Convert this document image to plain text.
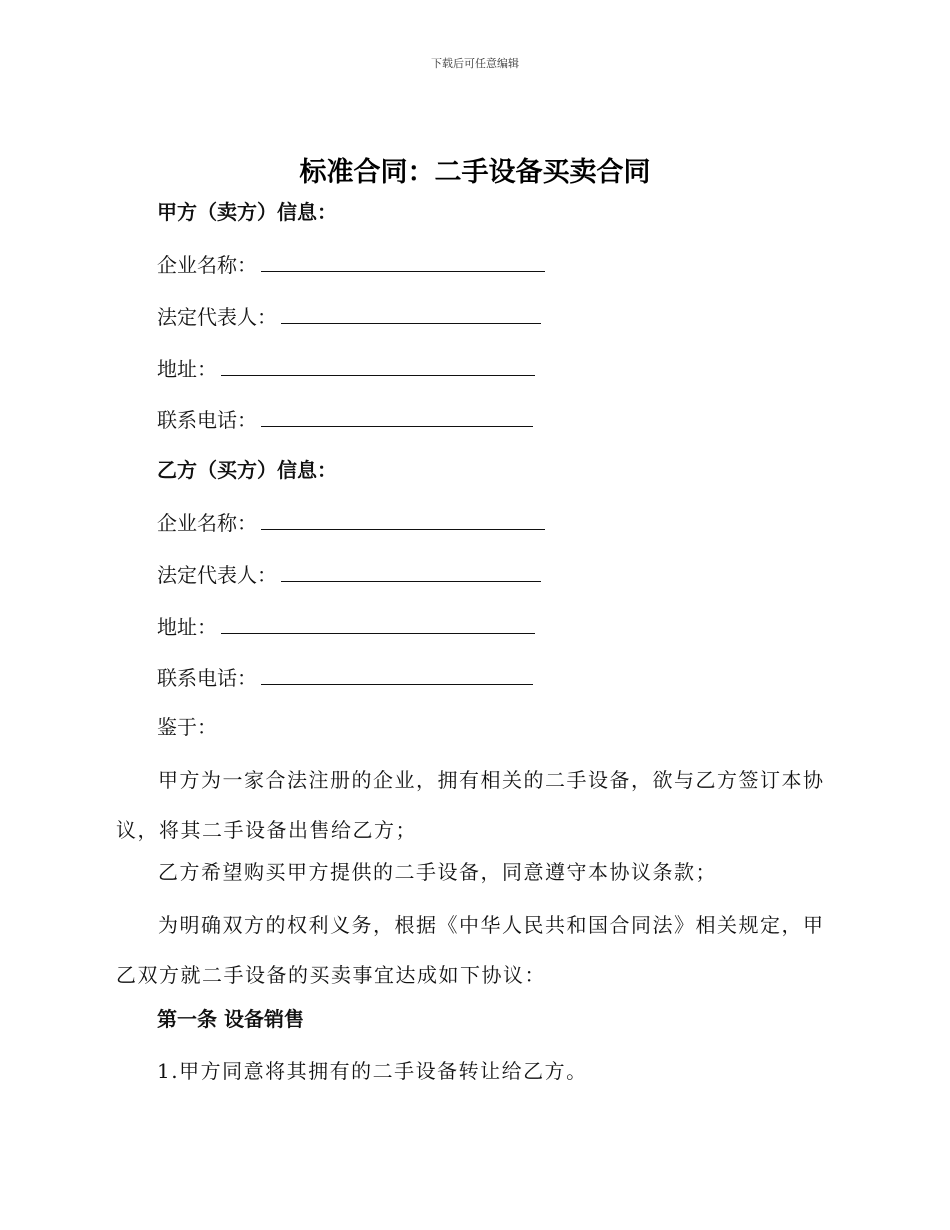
下载后可任意编辑
标准合同：二手设备买卖合同
甲方（卖方）信息：
企业名称：
法定代表人：
地址：
联系电话：
乙方（买方）信息：
企业名称：
法定代表人：
地址：
联系电话：
鉴于：
甲方为一家合法注册的企业，拥有相关的二手设备，欲与乙方签订本协议，将其二手设备出售给乙方；
乙方希望购买甲方提供的二手设备，同意遵守本协议条款；
为明确双方的权利义务，根据《中华人民共和国合同法》相关规定，甲乙双方就二手设备的买卖事宜达成如下协议：
第一条 设备销售
1.甲方同意将其拥有的二手设备转让给乙方。
